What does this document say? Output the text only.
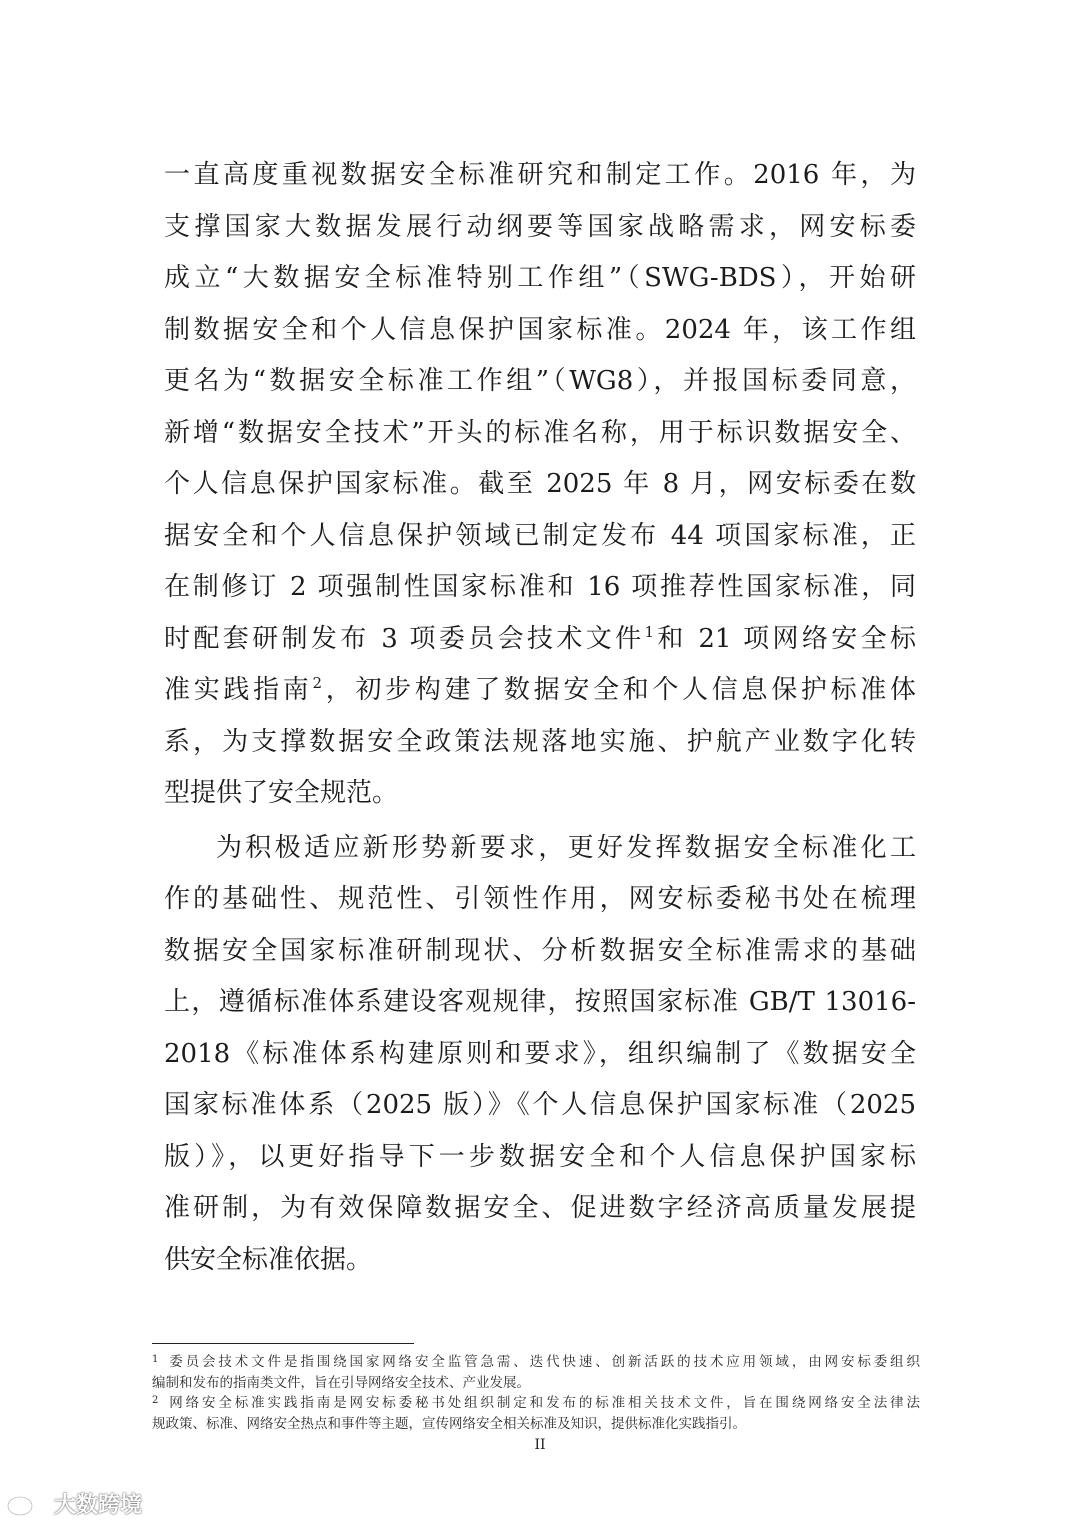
一直高度重视数据安全标准研究和制定工作。2016 年，为
支撑国家大数据发展行动纲要等国家战略需求，网安标委
成立“大数据安全标准特别工作组”（SWG-BDS），开始研
制数据安全和个人信息保护国家标准。2024 年，该工作组
更名为“数据安全标准工作组”（WG8），并报国标委同意，
新增“数据安全技术”开头的标准名称，用于标识数据安全、
个人信息保护国家标准。截至 2025 年 8 月，网安标委在数
据安全和个人信息保护领域已制定发布 44 项国家标准，正
在制修订 2 项强制性国家标准和 16 项推荐性国家标准，同
时配套研制发布 3 项委员会技术文件$^1$和 21 项网络安全标
准实践指南$^2$，初步构建了数据安全和个人信息保护标准体
系，为支撑数据安全政策法规落地实施、护航产业数字化转
型提供了安全规范。
为积极适应新形势新要求，更好发挥数据安全标准化工
作的基础性、规范性、引领性作用，网安标委秘书处在梳理
数据安全国家标准研制现状、分析数据安全标准需求的基础
上，遵循标准体系建设客观规律，按照国家标准 GB/T 13016-
2018《标准体系构建原则和要求》，组织编制了《数据安全
国家标准体系（2025 版）》《个人信息保护国家标准（2025
版）》，以更好指导下一步数据安全和个人信息保护国家标
准研制，为有效保障数据安全、促进数字经济高质量发展提
供安全标准依据。
$^1$ 委员会技术文件是指围绕国家网络安全监管急需、迭代快速、创新活跃的技术应用领域，由网安标委组织
编制和发布的指南类文件，旨在引导网络安全技术、产业发展。
$^2$ 网络安全标准实践指南是网安标委秘书处组织制定和发布的标准相关技术文件，旨在围绕网络安全法律法
规政策、标准、网络安全热点和事件等主题，宣传网络安全相关标准及知识，提供标准化实践指引。
II
大数跨境
